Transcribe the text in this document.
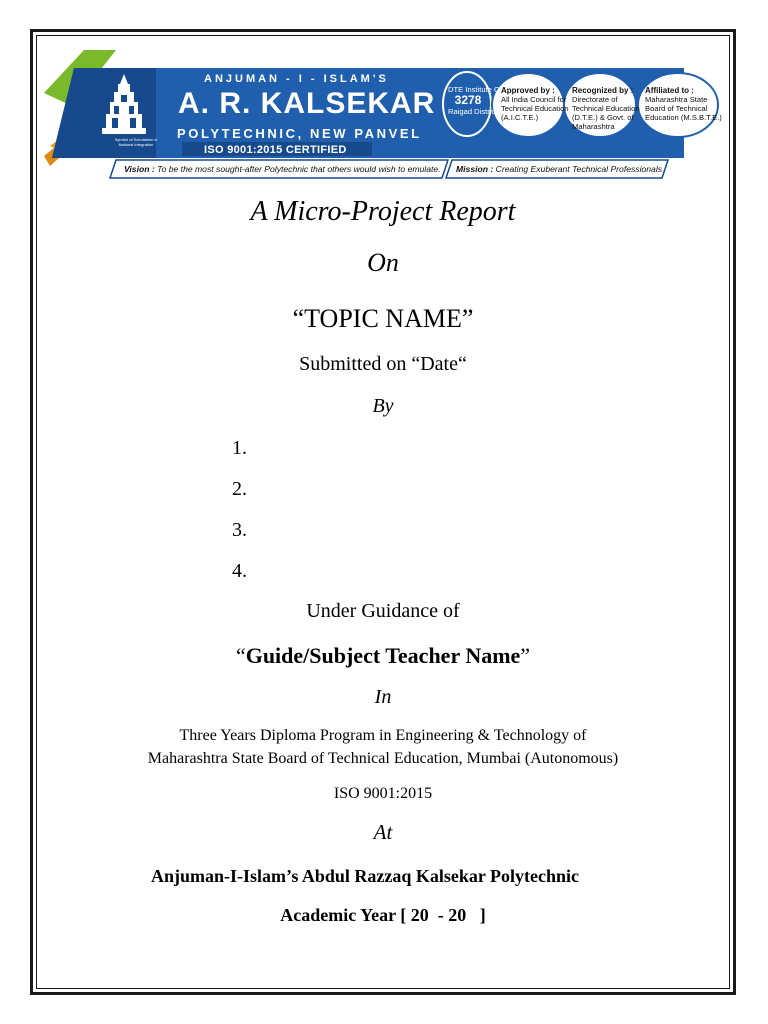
ANJUMAN - I - ISLAM'S
A. R. KALSEKAR
POLYTECHNIC, NEW PANVEL
ISO 9001:2015 CERTIFIED
Symbol of Secularism & National Integration
DTE Institute Code
3278
Raigad District
Approved by :
All India Council for
Technical Education
(A.I.C.T.E.)
Recognized by :
Directorate of
Technical Education
(D.T.E.) & Govt. of
Maharashtra
Affiliated to :
Maharashtra State
Board of Technical
Education (M.S.B.T.E.)
Vision : To be the most sought-after Polytechnic that others would wish to emulate. Mission : Creating Exuberant Technical Professionals
A Micro-Project Report
On
“TOPIC NAME”
Submitted on “Date“
By
1.
2.
3.
4.
Under Guidance of
“Guide/Subject Teacher Name”
In
Three Years Diploma Program in Engineering & Technology of
Maharashtra State Board of Technical Education, Mumbai (Autonomous)
ISO 9001:2015
At
Anjuman-I-Islam’s Abdul Razzaq Kalsekar Polytechnic
Academic Year [ 20  - 20   ]
